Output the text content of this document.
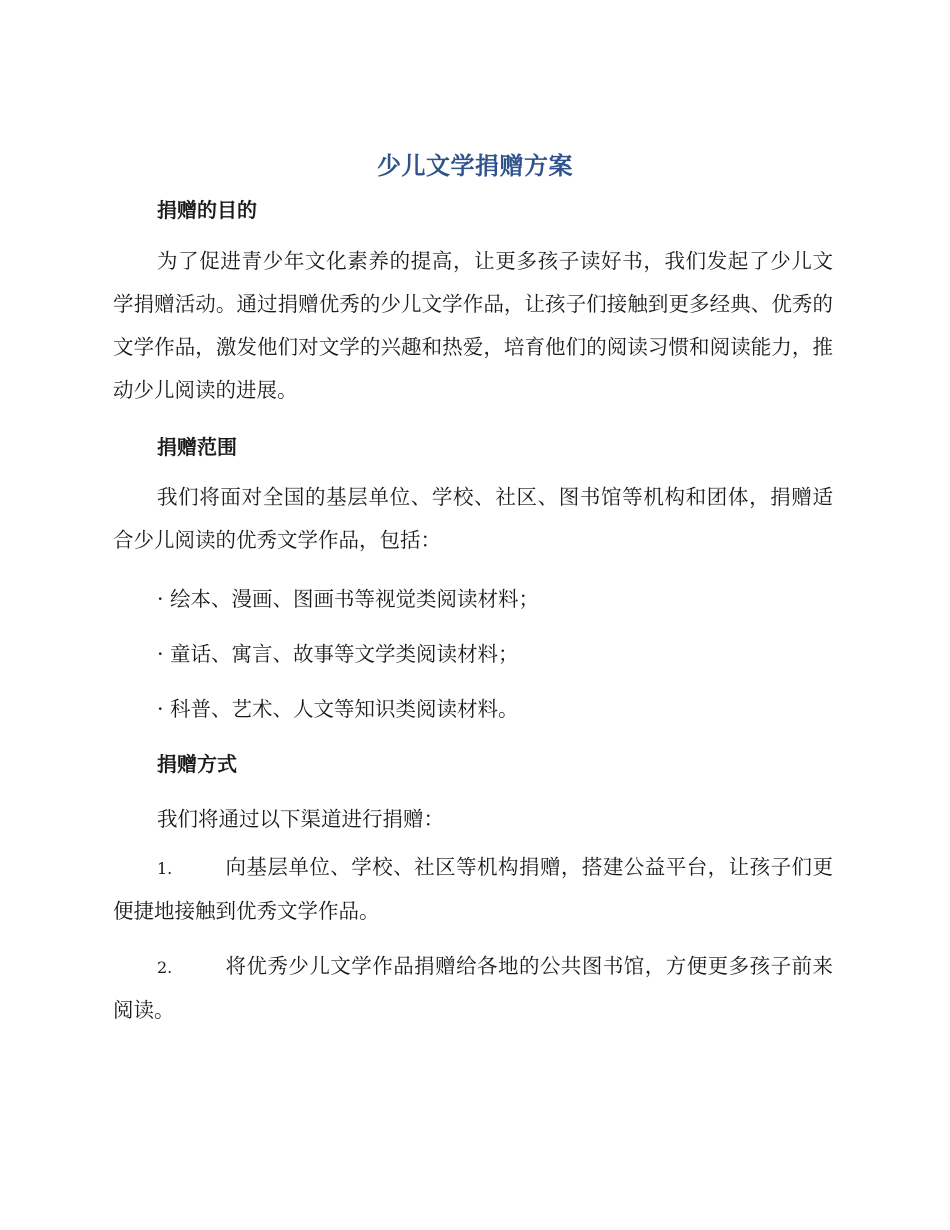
少儿文学捐赠方案
捐赠的目的
为了促进青少年文化素养的提高，让更多孩子读好书，我们发起了少儿文学捐赠活动。通过捐赠优秀的少儿文学作品，让孩子们接触到更多经典、优秀的文学作品，激发他们对文学的兴趣和热爱，培育他们的阅读习惯和阅读能力，推动少儿阅读的进展。
捐赠范围
我们将面对全国的基层单位、学校、社区、图书馆等机构和团体，捐赠适合少儿阅读的优秀文学作品，包括：
· 绘本、漫画、图画书等视觉类阅读材料；
· 童话、寓言、故事等文学类阅读材料；
· 科普、艺术、人文等知识类阅读材料。
捐赠方式
我们将通过以下渠道进行捐赠：
1.	向基层单位、学校、社区等机构捐赠，搭建公益平台，让孩子们更便捷地接触到优秀文学作品。
2.	将优秀少儿文学作品捐赠给各地的公共图书馆，方便更多孩子前来阅读。
